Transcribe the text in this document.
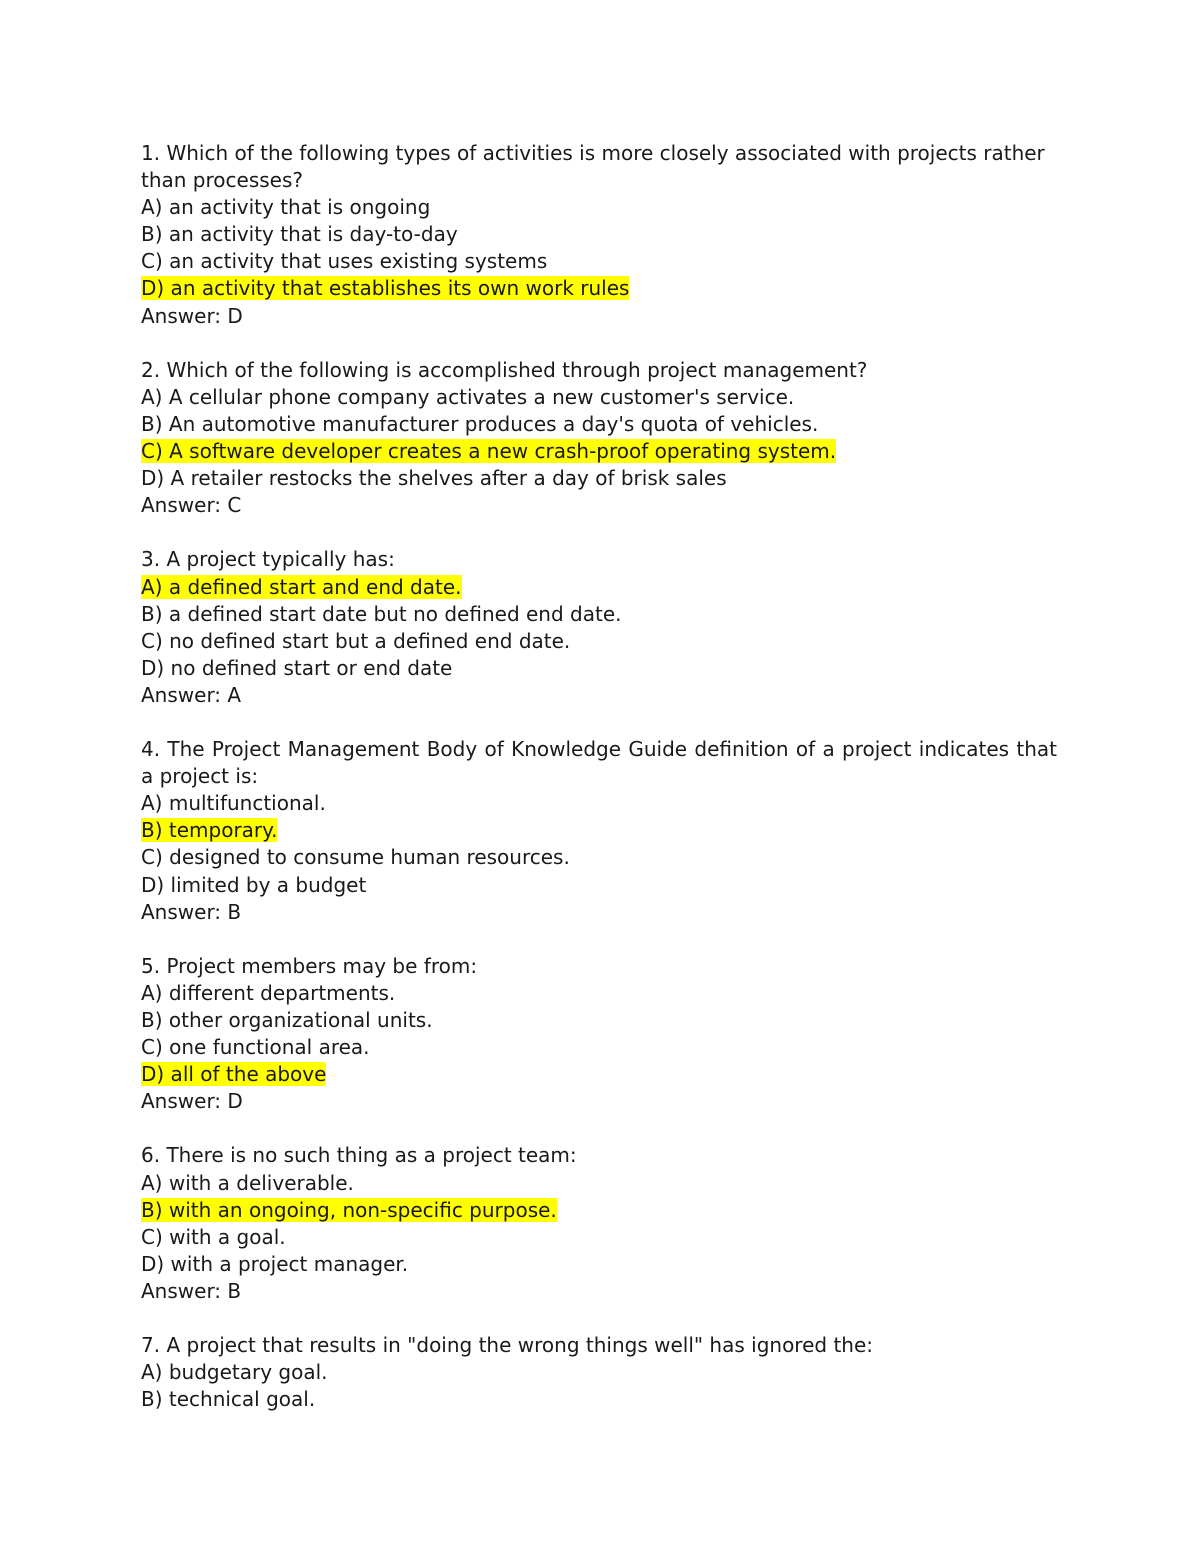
1. Which of the following types of activities is more closely associated with projects rather than processes?
A) an activity that is ongoing
B) an activity that is day-to-day
C) an activity that uses existing systems
D) an activity that establishes its own work rules
Answer: D
2. Which of the following is accomplished through project management?
A) A cellular phone company activates a new customer's service.
B) An automotive manufacturer produces a day's quota of vehicles.
C) A software developer creates a new crash-proof operating system.
D) A retailer restocks the shelves after a day of brisk sales
Answer: C
3. A project typically has:
A) a defined start and end date.
B) a defined start date but no defined end date.
C) no defined start but a defined end date.
D) no defined start or end date
Answer: A
4. The Project Management Body of Knowledge Guide definition of a project indicates that a project is:
A) multifunctional.
B) temporary.
C) designed to consume human resources.
D) limited by a budget
Answer: B
5. Project members may be from:
A) different departments.
B) other organizational units.
C) one functional area.
D) all of the above
Answer: D
6. There is no such thing as a project team:
A) with a deliverable.
B) with an ongoing, non-specific purpose.
C) with a goal.
D) with a project manager.
Answer: B
7. A project that results in "doing the wrong things well" has ignored the:
A) budgetary goal.
B) technical goal.
